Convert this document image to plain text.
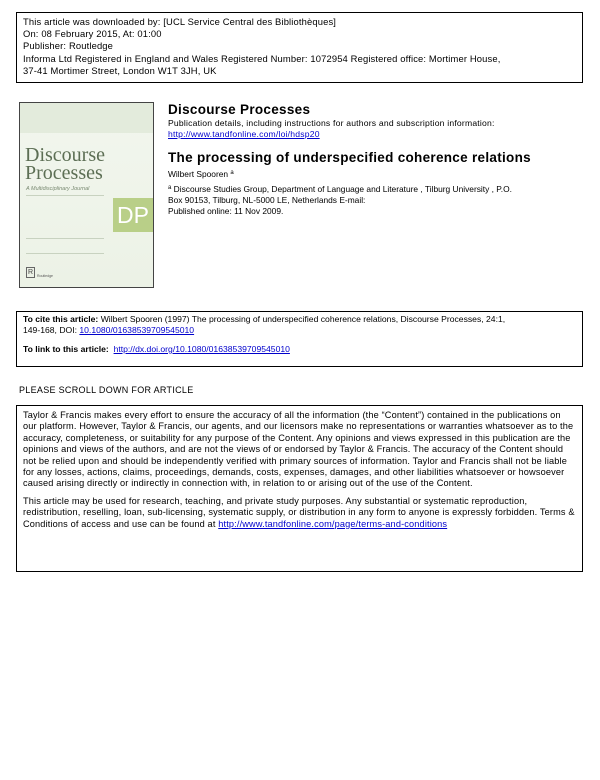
This article was downloaded by: [UCL Service Central des Bibliothèques]
On: 08 February 2015, At: 01:00
Publisher: Routledge
Informa Ltd Registered in England and Wales Registered Number: 1072954 Registered office: Mortimer House,
37-41 Mortimer Street, London W1T 3JH, UK
Discourse
Processes
A Multidisciplinary Journal
DP
R	Routledge
Discourse Processes
Publication details, including instructions for authors and subscription information:
http://www.tandfonline.com/loi/hdsp20
The processing of underspecified coherence relations
Wilbert Spooren $^a$
$^a$ Discourse Studies Group, Department of Language and Literature , Tilburg University , P.O.
Box 90153, Tilburg, NL-5000 LE, Netherlands E-mail:
Published online: 11 Nov 2009.
To cite this article: Wilbert Spooren (1997) The processing of underspecified coherence relations, Discourse Processes, 24:1,
149-168, DOI: 10.1080/01638539709545010
To link to this article: http://dx.doi.org/10.1080/01638539709545010
PLEASE SCROLL DOWN FOR ARTICLE

Taylor & Francis makes every effort to ensure the accuracy of all the information (the “Content”) contained in the publications on our platform. However, Taylor & Francis, our agents, and our licensors make no representations or warranties whatsoever as to the accuracy, completeness, or suitability for any purpose of the Content. Any opinions and views expressed in this publication are the opinions and views of the authors, and are not the views of or endorsed by Taylor & Francis. The accuracy of the Content should not be relied upon and should be independently verified with primary sources of information. Taylor and Francis shall not be liable for any losses, actions, claims, proceedings, demands, costs, expenses, damages, and other liabilities whatsoever or howsoever caused arising directly or indirectly in connection with, in relation to or arising out of the use of the Content.

This article may be used for research, teaching, and private study purposes. Any substantial or systematic reproduction, redistribution, reselling, loan, sub-licensing, systematic supply, or distribution in any form to anyone is expressly forbidden. Terms & Conditions of access and use can be found at http://www.tandfonline.com/page/terms-and-conditions
